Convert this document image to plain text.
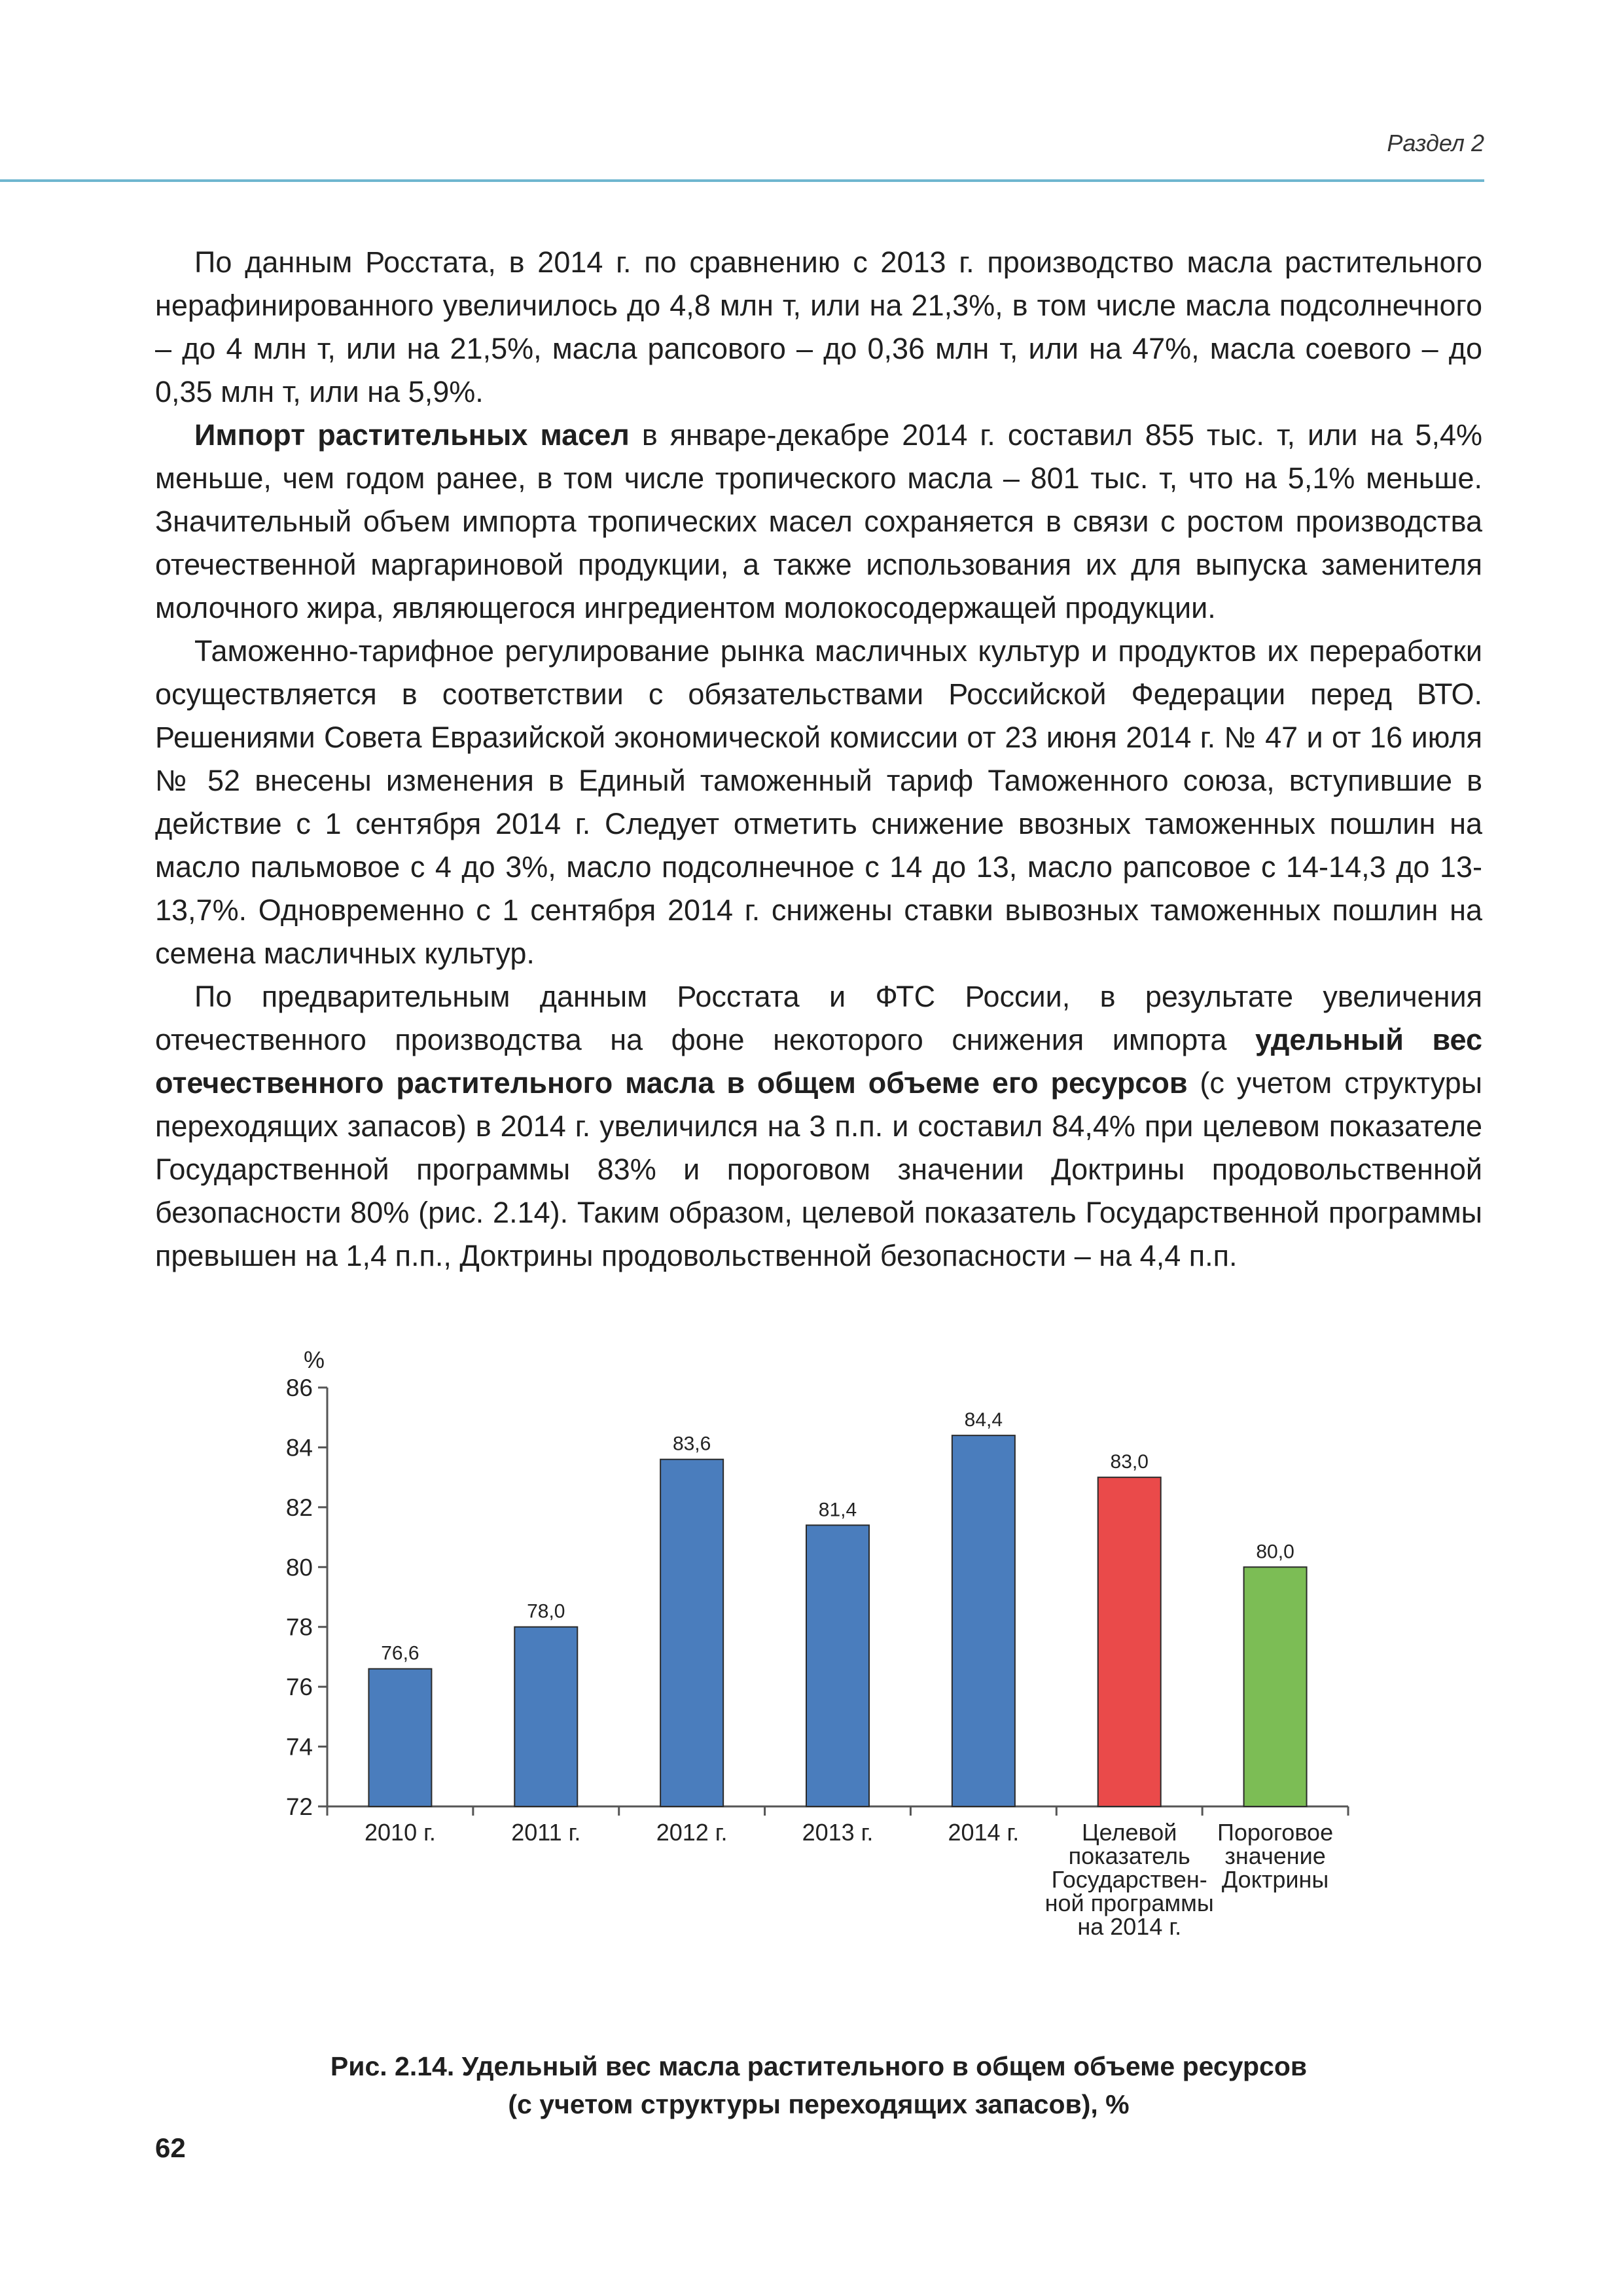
Раздел 2

По данным Росстата, в 2014 г. по сравнению с 2013 г. производство масла растительного нерафинированного увеличилось до 4,8 млн т, или на 21,3%, в том числе масла подсолнечного – до 4 млн т, или на 21,5%, масла рапсового – до 0,36 млн т, или на 47%, масла соевого – до 0,35 млн т, или на 5,9%.

Импорт растительных масел в январе-декабре 2014 г. составил 855 тыс. т, или на 5,4% меньше, чем годом ранее, в том числе тропического масла – 801 тыс. т, что на 5,1% меньше. Значительный объем импорта тропических масел сохраняется в связи с ростом производства отечественной маргариновой продукции, а также использования их для выпуска заменителя молочного жира, являющегося ингредиентом молокосодержащей продукции.

Таможенно-тарифное регулирование рынка масличных культур и продуктов их переработки осуществляется в соответствии с обязательствами Российской Федерации перед ВТО. Решениями Совета Евразийской экономической комиссии от 23 июня 2014 г. № 47 и от 16 июля № 52 внесены изменения в Единый таможенный тариф Таможенного союза, вступившие в действие с 1 сентября 2014 г. Следует отметить снижение ввозных таможенных пошлин на масло пальмовое с 4 до 3%, масло подсолнечное с 14 до 13, масло рапсовое с 14-14,3 до 13-13,7%. Одновременно с 1 сентября 2014 г. снижены ставки вывозных таможенных пошлин на семена масличных культур.

По предварительным данным Росстата и ФТС России, в результате увеличения отечественного производства на фоне некоторого снижения импорта удельный вес отечественного растительного масла в общем объеме его ресурсов (с учетом структуры переходящих запасов) в 2014 г. увеличился на 3 п.п. и составил 84,4% при целевом показателе Государственной программы 83% и пороговом значении Доктрины продовольственной безопасности 80% (рис. 2.14). Таким образом, целевой показатель Государственной программы превышен на 1,4 п.п., Доктрины продовольственной безопасности – на 4,4 п.п.

%
72
74
76
78
80
82
84
86
76,6
2010 г.
78,0
2011 г.
83,6
2012 г.
81,4
2013 г.
84,4
2014 г.
83,0
Целевой
показатель
Государствен-
ной программы
на 2014 г.
80,0
Пороговое
значение
Доктрины
Рис. 2.14. Удельный вес масла растительного в общем объеме ресурсов
(с учетом структуры переходящих запасов), %
62
